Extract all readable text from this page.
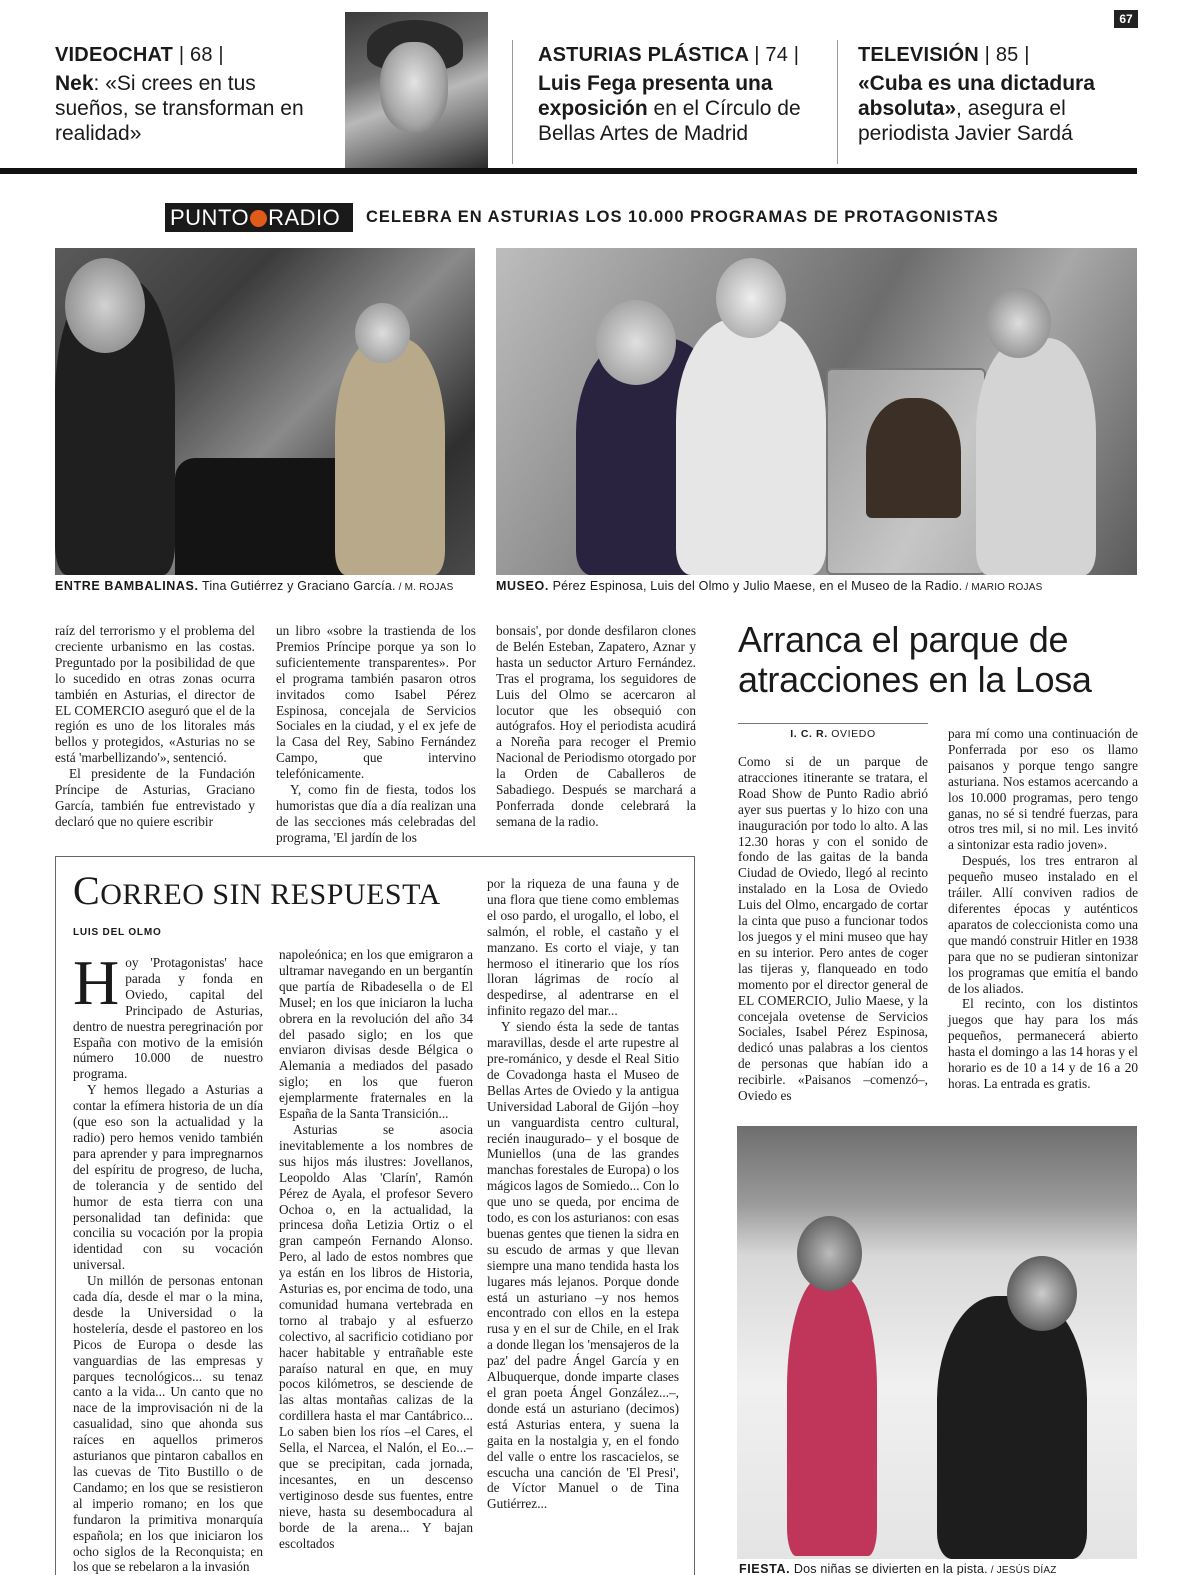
67
VIDEOCHAT | 68 |
Nek: «Si crees en tus sueños, se transforman en realidad»
ASTURIAS PLÁSTICA | 74 |
Luis Fega presenta una exposición en el Círculo de Bellas Artes de Madrid
TELEVISIÓN | 85 |
«Cuba es una dictadura absoluta», asegura el periodista Javier Sardá
PUNTO RADIO	CELEBRA EN ASTURIAS LOS 10.000 PROGRAMAS DE PROTAGONISTAS
ENTRE BAMBALINAS. Tina Gutiérrez y Graciano García. / M. ROJAS	MUSEO. Pérez Espinosa, Luis del Olmo y Julio Maese, en el Museo de la Radio. / MARIO ROJAS

raíz del terrorismo y el problema del creciente urbanismo en las costas. Preguntado por la posibilidad de que lo sucedido en otras zonas ocurra también en Asturias, el director de EL COMERCIO aseguró que el de la región es uno de los litorales más bellos y protegidos, «Asturias no se está 'marbellizando'», sentenció.

El presidente de la Fundación Príncipe de Asturias, Graciano García, también fue entrevistado y declaró que no quiere escribir

un libro «sobre la trastienda de los Premios Príncipe porque ya son lo suficientemente transparentes». Por el programa también pasaron otros invitados como Isabel Pérez Espinosa, concejala de Servicios Sociales en la ciudad, y el ex jefe de la Casa del Rey, Sabino Fernández Campo, que intervino telefónicamente.

Y, como fin de fiesta, todos los humoristas que día a día realizan una de las secciones más celebradas del programa, 'El jardín de los

bonsais', por donde desfilaron clones de Belén Esteban, Zapatero, Aznar y hasta un seductor Arturo Fernández. Tras el programa, los seguidores de Luis del Olmo se acercaron al locutor que les obsequió con autógrafos. Hoy el periodista acudirá a Noreña para recoger el Premio Nacional de Periodismo otorgado por la Orden de Caballeros de Sabadiego. Después se marchará a Ponferrada donde celebrará la semana de la radio.

CORREO SIN RESPUESTA
LUIS DEL OLMO

Hoy 'Protagonistas' hace parada y fonda en Oviedo, capital del Principado de Asturias, dentro de nuestra peregrinación por España con motivo de la emisión número 10.000 de nuestro programa.

Y hemos llegado a Asturias a contar la efímera historia de un día (que eso son la actualidad y la radio) pero hemos venido también para aprender y para impregnarnos del espíritu de progreso, de lucha, de tolerancia y de sentido del humor de esta tierra con una personalidad tan definida: que concilia su vocación por la propia identidad con su vocación universal.

Un millón de personas entonan cada día, desde el mar o la mina, desde la Universidad o la hostelería, desde el pastoreo en los Picos de Europa o desde las vanguardias de las empresas y parques tecnológicos... su tenaz canto a la vida... Un canto que no nace de la improvisación ni de la casualidad, sino que ahonda sus raíces en aquellos primeros asturianos que pintaron caballos en las cuevas de Tito Bustillo o de Candamo; en los que se resistieron al imperio romano; en los que fundaron la primitiva monarquía española; en los que iniciaron los ocho siglos de la Reconquista; en los que se rebelaron a la invasión

napoleónica; en los que emigraron a ultramar navegando en un bergantín que partía de Ribadesella o de El Musel; en los que iniciaron la lucha obrera en la revolución del año 34 del pasado siglo; en los que enviaron divisas desde Bélgica o Alemania a mediados del pasado siglo; en los que fueron ejemplarmente fraternales en la España de la Santa Transición...

Asturias se asocia inevitablemente a los nombres de sus hijos más ilustres: Jovellanos, Leopoldo Alas 'Clarín', Ramón Pérez de Ayala, el profesor Severo Ochoa o, en la actualidad, la princesa doña Letizia Ortiz o el gran campeón Fernando Alonso. Pero, al lado de estos nombres que ya están en los libros de Historia, Asturias es, por encima de todo, una comunidad humana vertebrada en torno al trabajo y al esfuerzo colectivo, al sacrificio cotidiano por hacer habitable y entrañable este paraíso natural en que, en muy pocos kilómetros, se desciende de las altas montañas calizas de la cordillera hasta el mar Cantábrico... Lo saben bien los ríos –el Cares, el Sella, el Narcea, el Nalón, el Eo...– que se precipitan, cada jornada, incesantes, en un descenso vertiginoso desde sus fuentes, entre nieve, hasta su desembocadura al borde de la arena... Y bajan escoltados

por la riqueza de una fauna y de una flora que tiene como emblemas el oso pardo, el urogallo, el lobo, el salmón, el roble, el castaño y el manzano. Es corto el viaje, y tan hermoso el itinerario que los ríos lloran lágrimas de rocío al despedirse, al adentrarse en el infinito regazo del mar...

Y siendo ésta la sede de tantas maravillas, desde el arte rupestre al pre-románico, y desde el Real Sitio de Covadonga hasta el Museo de Bellas Artes de Oviedo y la antigua Universidad Laboral de Gijón –hoy un vanguardista centro cultural, recién inaugurado– y el bosque de Muniellos (una de las grandes manchas forestales de Europa) o los mágicos lagos de Somiedo... Con lo que uno se queda, por encima de todo, es con los asturianos: con esas buenas gentes que tienen la sidra en su escudo de armas y que llevan siempre una mano tendida hasta los lugares más lejanos. Porque donde está un asturiano –y nos hemos encontrado con ellos en la estepa rusa y en el sur de Chile, en el Irak a donde llegan los 'mensajeros de la paz' del padre Ángel García y en Albuquerque, donde imparte clases el gran poeta Ángel González...–, donde está un asturiano (decimos) está Asturias entera, y suena la gaita en la nostalgia y, en el fondo del valle o entre los rascacielos, se escucha una canción de 'El Presi', de Víctor Manuel o de Tina Gutiérrez...

Arranca el parque de atracciones en la Losa
I. C. R. OVIEDO

Como si de un parque de atracciones itinerante se tratara, el Road Show de Punto Radio abrió ayer sus puertas y lo hizo con una inauguración por todo lo alto. A las 12.30 horas y con el sonido de fondo de las gaitas de la banda Ciudad de Oviedo, llegó al recinto instalado en la Losa de Oviedo Luis del Olmo, encargado de cortar la cinta que puso a funcionar todos los juegos y el mini museo que hay en su interior. Pero antes de coger las tijeras y, flanqueado en todo momento por el director general de EL COMERCIO, Julio Maese, y la concejala ovetense de Servicios Sociales, Isabel Pérez Espinosa, dedicó unas palabras a los cientos de personas que habían ido a recibirle. «Paisanos –comenzó–, Oviedo es

para mí como una continuación de Ponferrada por eso os llamo paisanos y porque tengo sangre asturiana. Nos estamos acercando a los 10.000 programas, pero tengo ganas, no sé si tendré fuerzas, para otros tres mil, si no mil. Les invitó a sintonizar esta radio joven».

Después, los tres entraron al pequeño museo instalado en el tráiler. Allí conviven radios de diferentes épocas y auténticos aparatos de coleccionista como una que mandó construir Hitler en 1938 para que no se pudieran sintonizar los programas que emitía el bando de los aliados.

El recinto, con los distintos juegos que hay para los más pequeños, permanecerá abierto hasta el domingo a las 14 horas y el horario es de 10 a 14 y de 16 a 20 horas. La entrada es gratis.

FIESTA. Dos niñas se divierten en la pista. / JESÚS DÍAZ
